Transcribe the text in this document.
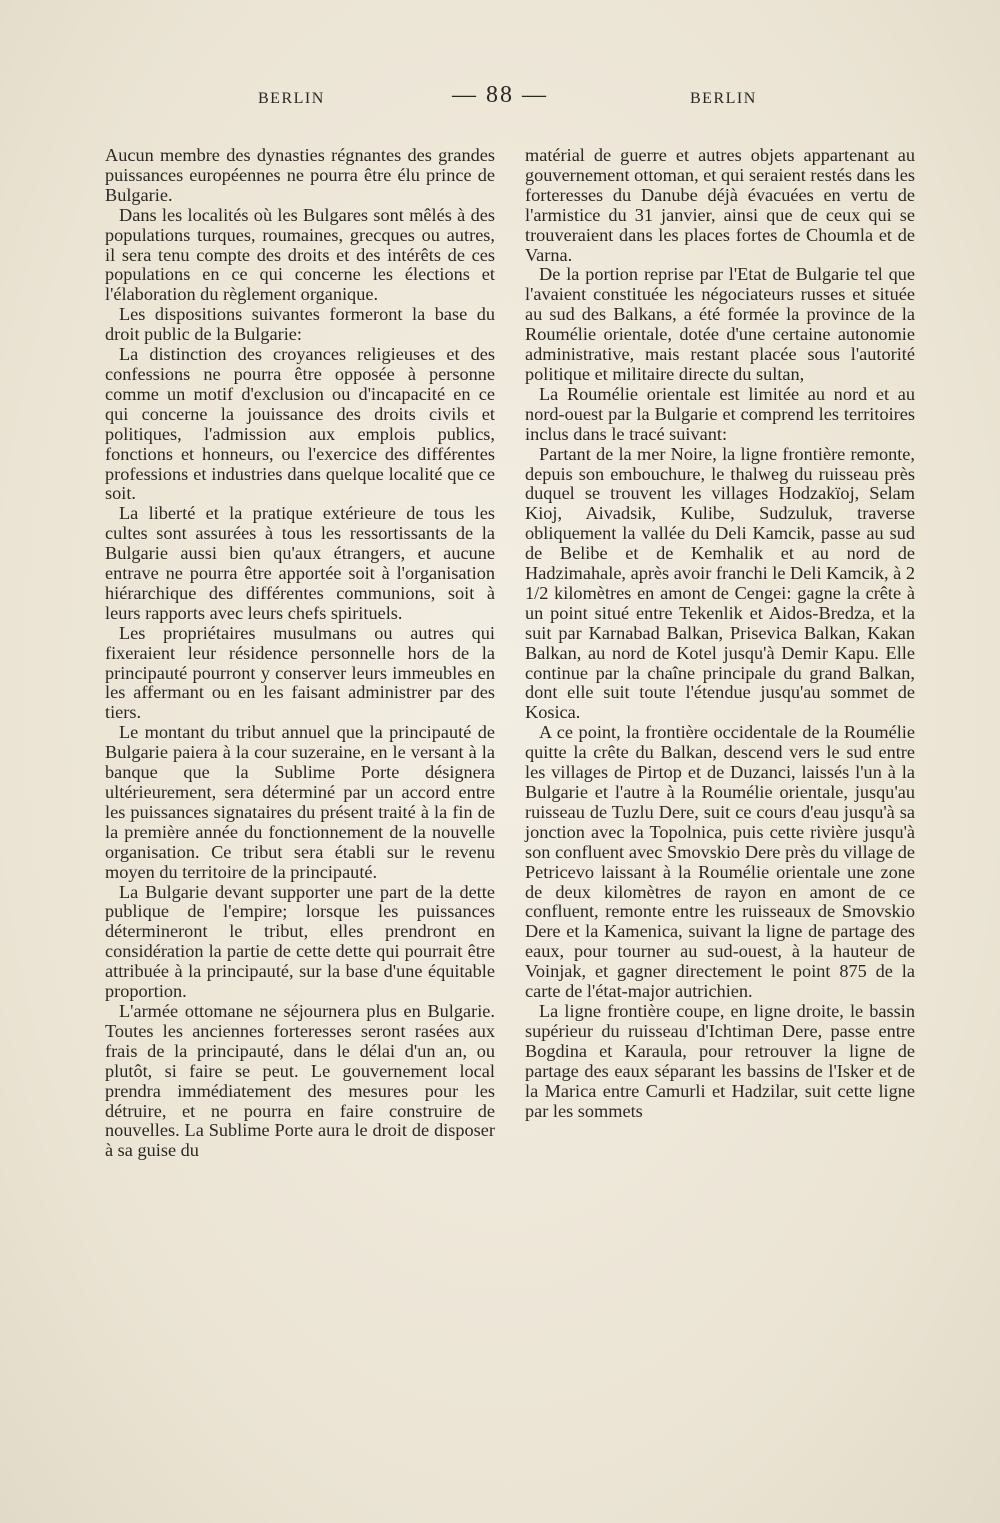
BERLIN	— 88 —	BERLIN

Aucun membre des dynasties régnantes des grandes puissances européennes ne pourra être élu prince de Bulgarie.

Dans les localités où les Bulgares sont mêlés à des populations turques, roumaines, grecques ou autres, il sera tenu compte des droits et des intérêts de ces populations en ce qui concerne les élections et l'élaboration du règlement organique.

Les dispositions suivantes formeront la base du droit public de la Bulgarie:

La distinction des croyances religieuses et des confessions ne pourra être opposée à personne comme un motif d'exclusion ou d'incapacité en ce qui concerne la jouissance des droits civils et politiques, l'admission aux emplois publics, fonctions et honneurs, ou l'exercice des différentes professions et industries dans quelque localité que ce soit.

La liberté et la pratique extérieure de tous les cultes sont assurées à tous les ressortissants de la Bulgarie aussi bien qu'aux étrangers, et aucune entrave ne pourra être apportée soit à l'organisation hiérarchique des différentes communions, soit à leurs rapports avec leurs chefs spirituels.

Les propriétaires musulmans ou autres qui fixeraient leur résidence personnelle hors de la principauté pourront y conserver leurs immeubles en les affermant ou en les faisant administrer par des tiers.

Le montant du tribut annuel que la principauté de Bulgarie paiera à la cour suzeraine, en le versant à la banque que la Sublime Porte désignera ultérieurement, sera déterminé par un accord entre les puissances signataires du présent traité à la fin de la première année du fonctionnement de la nouvelle organisation. Ce tribut sera établi sur le revenu moyen du territoire de la principauté.

La Bulgarie devant supporter une part de la dette publique de l'empire; lorsque les puissances détermineront le tribut, elles prendront en considération la partie de cette dette qui pourrait être attribuée à la principauté, sur la base d'une équitable proportion.

L'armée ottomane ne séjournera plus en Bulgarie. Toutes les anciennes forteresses seront rasées aux frais de la principauté, dans le délai d'un an, ou plutôt, si faire se peut. Le gouvernement local prendra immédiatement des mesures pour les détruire, et ne pourra en faire construire de nouvelles. La Sublime Porte aura le droit de disposer à sa guise du

matérial de guerre et autres objets appartenant au gouvernement ottoman, et qui seraient restés dans les forteresses du Danube déjà évacuées en vertu de l'armistice du 31 janvier, ainsi que de ceux qui se trouveraient dans les places fortes de Choumla et de Varna.

De la portion reprise par l'Etat de Bulgarie tel que l'avaient constituée les négociateurs russes et située au sud des Balkans, a été formée la province de la Roumélie orientale, dotée d'une certaine autonomie administrative, mais restant placée sous l'autorité politique et militaire directe du sultan,

La Roumélie orientale est limitée au nord et au nord-ouest par la Bulgarie et comprend les territoires inclus dans le tracé suivant:

Partant de la mer Noire, la ligne frontière remonte, depuis son embouchure, le thalweg du ruisseau près duquel se trouvent les villages Hodzakïoj, Selam Kioj, Aivadsik, Kulibe, Sudzuluk, traverse obliquement la vallée du Deli Kamcik, passe au sud de Belibe et de Kemhalik et au nord de Hadzimahale, après avoir franchi le Deli Kamcik, à 2 1/2 kilomètres en amont de Cengei: gagne la crête à un point situé entre Tekenlik et Aidos-Bredza, et la suit par Karnabad Balkan, Prisevica Balkan, Kakan Balkan, au nord de Kotel jusqu'à Demir Kapu. Elle continue par la chaîne principale du grand Balkan, dont elle suit toute l'étendue jusqu'au sommet de Kosica.

A ce point, la frontière occidentale de la Roumélie quitte la crête du Balkan, descend vers le sud entre les villages de Pirtop et de Duzanci, laissés l'un à la Bulgarie et l'autre à la Roumélie orientale, jusqu'au ruisseau de Tuzlu Dere, suit ce cours d'eau jusqu'à sa jonction avec la Topolnica, puis cette rivière jusqu'à son confluent avec Smovskio Dere près du village de Petricevo laissant à la Roumélie orientale une zone de deux kilomètres de rayon en amont de ce confluent, remonte entre les ruisseaux de Smovskio Dere et la Kamenica, suivant la ligne de partage des eaux, pour tourner au sud-ouest, à la hauteur de Voinjak, et gagner directement le point 875 de la carte de l'état-major autrichien.

La ligne frontière coupe, en ligne droite, le bassin supérieur du ruisseau d'Ichtiman Dere, passe entre Bogdina et Karaula, pour retrouver la ligne de partage des eaux séparant les bassins de l'Isker et de la Marica entre Camurli et Hadzilar, suit cette ligne par les sommets
